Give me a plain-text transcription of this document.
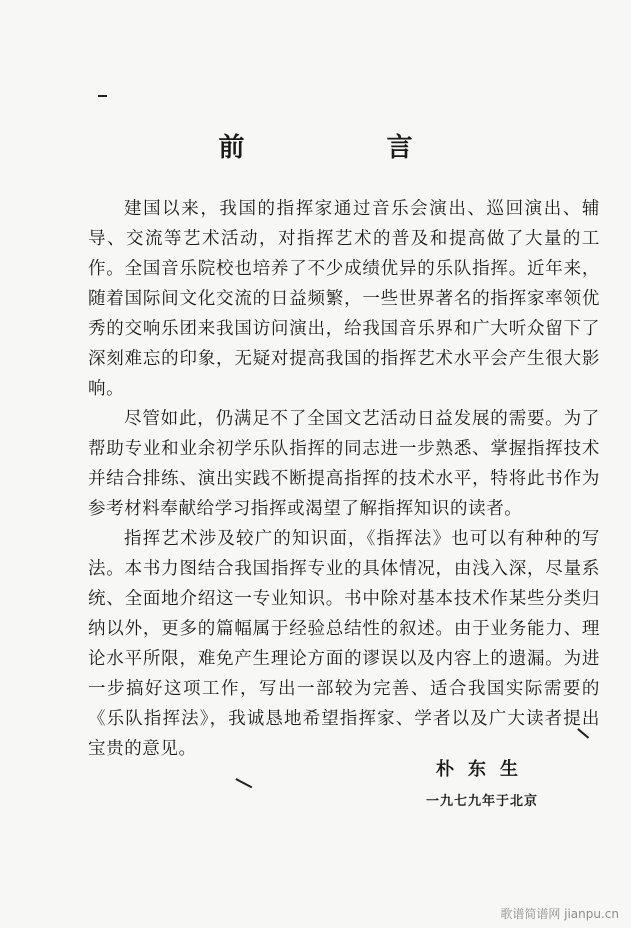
前　言

建国以来，我国的指挥家通过音乐会演出、巡回演出、辅导、交流等艺术活动，对指挥艺术的普及和提高做了大量的工作。全国音乐院校也培养了不少成绩优异的乐队指挥。近年来，随着国际间文化交流的日益频繁，一些世界著名的指挥家率领优秀的交响乐团来我国访问演出，给我国音乐界和广大听众留下了深刻难忘的印象，无疑对提高我国的指挥艺术水平会产生很大影响。

尽管如此，仍满足不了全国文艺活动日益发展的需要。为了帮助专业和业余初学乐队指挥的同志进一步熟悉、掌握指挥技术并结合排练、演出实践不断提高指挥的技术水平，特将此书作为参考材料奉献给学习指挥或渴望了解指挥知识的读者。

指挥艺术涉及较广的知识面，《指挥法》也可以有种种的写法。本书力图结合我国指挥专业的具体情况，由浅入深，尽量系统、全面地介绍这一专业知识。书中除对基本技术作某些分类归纳以外，更多的篇幅属于经验总结性的叙述。由于业务能力、理论水平所限，难免产生理论方面的谬误以及内容上的遗漏。为进一步搞好这项工作，写出一部较为完善、适合我国实际需要的《乐队指挥法》，我诚恳地希望指挥家、学者以及广大读者提出宝贵的意见。

朴东生
一九七九年于北京
歌谱简谱网 jianpu.cn
